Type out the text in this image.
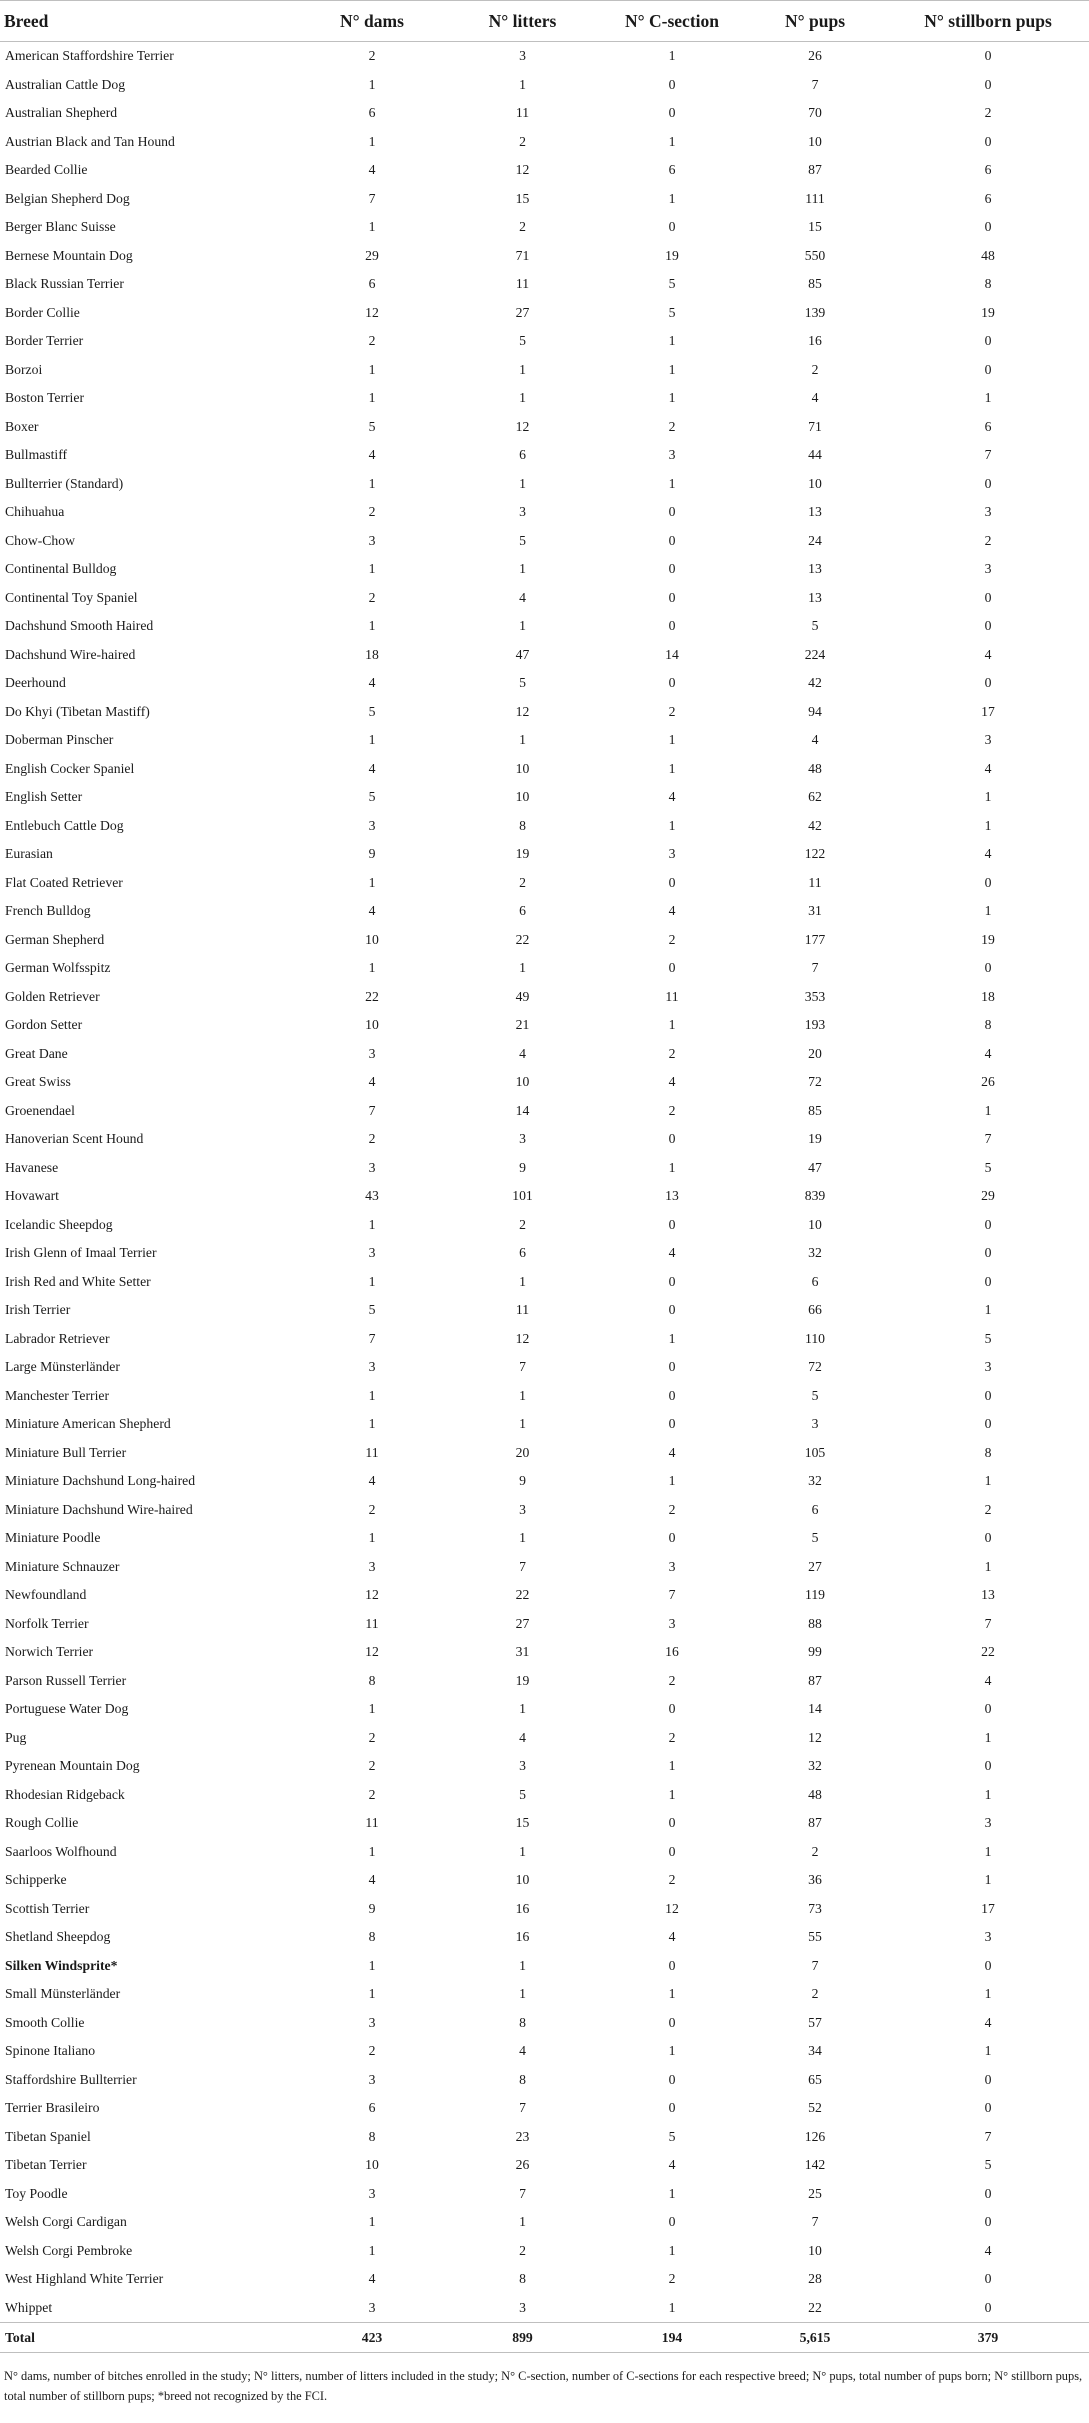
Breed	N° dams	N° litters	N° C-section	N° pups	N° stillborn pups
American Staffordshire Terrier	2	3	1	26	0
Australian Cattle Dog	1	1	0	7	0
Australian Shepherd	6	11	0	70	2
Austrian Black and Tan Hound	1	2	1	10	0
Bearded Collie	4	12	6	87	6
Belgian Shepherd Dog	7	15	1	111	6
Berger Blanc Suisse	1	2	0	15	0
Bernese Mountain Dog	29	71	19	550	48
Black Russian Terrier	6	11	5	85	8
Border Collie	12	27	5	139	19
Border Terrier	2	5	1	16	0
Borzoi	1	1	1	2	0
Boston Terrier	1	1	1	4	1
Boxer	5	12	2	71	6
Bullmastiff	4	6	3	44	7
Bullterrier (Standard)	1	1	1	10	0
Chihuahua	2	3	0	13	3
Chow-Chow	3	5	0	24	2
Continental Bulldog	1	1	0	13	3
Continental Toy Spaniel	2	4	0	13	0
Dachshund Smooth Haired	1	1	0	5	0
Dachshund Wire-haired	18	47	14	224	4
Deerhound	4	5	0	42	0
Do Khyi (Tibetan Mastiff)	5	12	2	94	17
Doberman Pinscher	1	1	1	4	3
English Cocker Spaniel	4	10	1	48	4
English Setter	5	10	4	62	1
Entlebuch Cattle Dog	3	8	1	42	1
Eurasian	9	19	3	122	4
Flat Coated Retriever	1	2	0	11	0
French Bulldog	4	6	4	31	1
German Shepherd	10	22	2	177	19
German Wolfsspitz	1	1	0	7	0
Golden Retriever	22	49	11	353	18
Gordon Setter	10	21	1	193	8
Great Dane	3	4	2	20	4
Great Swiss	4	10	4	72	26
Groenendael	7	14	2	85	1
Hanoverian Scent Hound	2	3	0	19	7
Havanese	3	9	1	47	5
Hovawart	43	101	13	839	29
Icelandic Sheepdog	1	2	0	10	0
Irish Glenn of Imaal Terrier	3	6	4	32	0
Irish Red and White Setter	1	1	0	6	0
Irish Terrier	5	11	0	66	1
Labrador Retriever	7	12	1	110	5
Large Münsterländer	3	7	0	72	3
Manchester Terrier	1	1	0	5	0
Miniature American Shepherd	1	1	0	3	0
Miniature Bull Terrier	11	20	4	105	8
Miniature Dachshund Long-haired	4	9	1	32	1
Miniature Dachshund Wire-haired	2	3	2	6	2
Miniature Poodle	1	1	0	5	0
Miniature Schnauzer	3	7	3	27	1
Newfoundland	12	22	7	119	13
Norfolk Terrier	11	27	3	88	7
Norwich Terrier	12	31	16	99	22
Parson Russell Terrier	8	19	2	87	4
Portuguese Water Dog	1	1	0	14	0
Pug	2	4	2	12	1
Pyrenean Mountain Dog	2	3	1	32	0
Rhodesian Ridgeback	2	5	1	48	1
Rough Collie	11	15	0	87	3
Saarloos Wolfhound	1	1	0	2	1
Schipperke	4	10	2	36	1
Scottish Terrier	9	16	12	73	17
Shetland Sheepdog	8	16	4	55	3
Silken Windsprite*	1	1	0	7	0
Small Münsterländer	1	1	1	2	1
Smooth Collie	3	8	0	57	4
Spinone Italiano	2	4	1	34	1
Staffordshire Bullterrier	3	8	0	65	0
Terrier Brasileiro	6	7	0	52	0
Tibetan Spaniel	8	23	5	126	7
Tibetan Terrier	10	26	4	142	5
Toy Poodle	3	7	1	25	0
Welsh Corgi Cardigan	1	1	0	7	0
Welsh Corgi Pembroke	1	2	1	10	4
West Highland White Terrier	4	8	2	28	0
Whippet	3	3	1	22	0
Total	423	899	194	5,615	379
N° dams, number of bitches enrolled in the study; N° litters, number of litters included in the study; N° C-section, number of C-sections for each respective breed; N° pups, total number of pups born; N° stillborn pups, total number of stillborn pups; *breed not recognized by the FCI.
